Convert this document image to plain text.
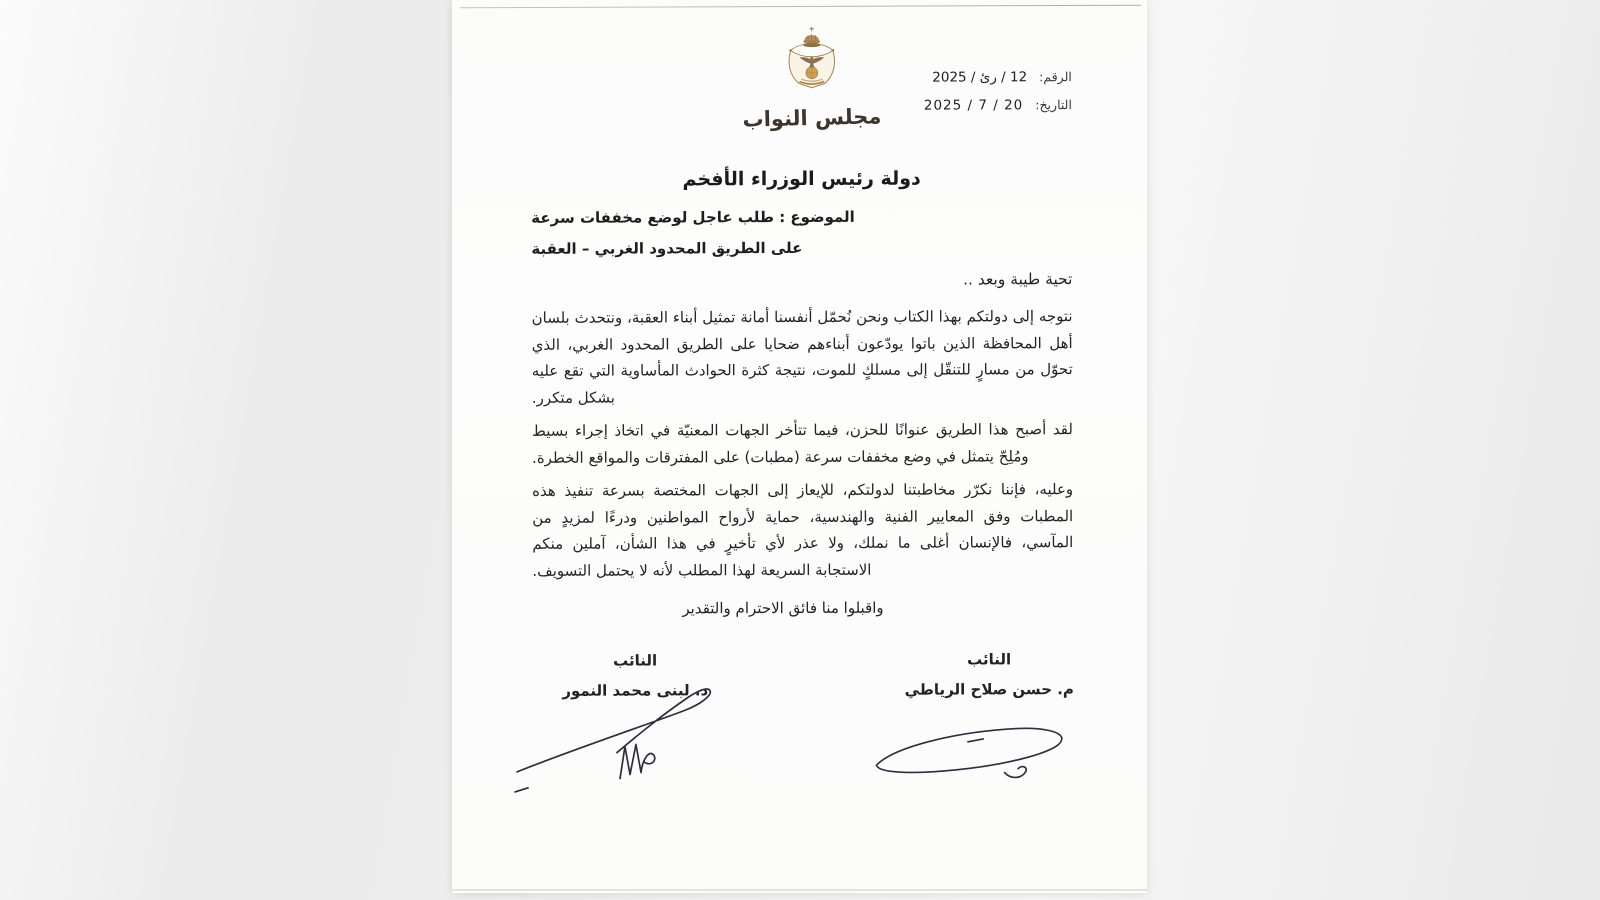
مجلس النواب
الرقم:
12 ‏/ رئ ‏/ 2025
التاريخ:
20 ‏/ 7 ‏/ 2025
دولة رئيس الوزراء الأفخم
الموضوع : طلب عاجل لوضع مخففات سرعة
على الطريق المحدود الغربي – العقبة
تحية طيبة وبعد ..

نتوجه إلى دولتكم بهذا الكتاب ونحن نُحمّل أنفسنا أمانة تمثيل أبناء العقبة، ونتحدث بلسان أهل المحافظة الذين باتوا يودّعون أبناءهم ضحايا على الطريق المحدود الغربي، الذي تحوّل من مسارٍ للتنقّل إلى مسلكٍ للموت، نتيجة كثرة الحوادث المأساوية التي تقع عليه بشكل متكرر.

لقد أصبح هذا الطريق عنوانًا للحزن، فيما تتأخر الجهات المعنيّة في اتخاذ إجراء بسيط ومُلِحّ يتمثل في وضع مخففات سرعة (مطبات) على المفترقات والمواقع الخطرة.

وعليه، فإننا نكرّر مخاطبتنا لدولتكم، للإيعاز إلى الجهات المختصة بسرعة تنفيذ هذه المطبات وفق المعايير الفنية والهندسية، حماية لأرواح المواطنين ودرءًا لمزيدٍ من المآسي، فالإنسان أغلى ما نملك، ولا عذر لأي تأخيرٍ في هذا الشأن، آملين منكم الاستجابة السريعة لهذا المطلب لأنه لا يحتمل التسويف.

واقبلوا منا فائق الاحترام والتقدير
النائب
م. حسن صلاح الرياطي
النائب
د. لبنى محمد النمور
